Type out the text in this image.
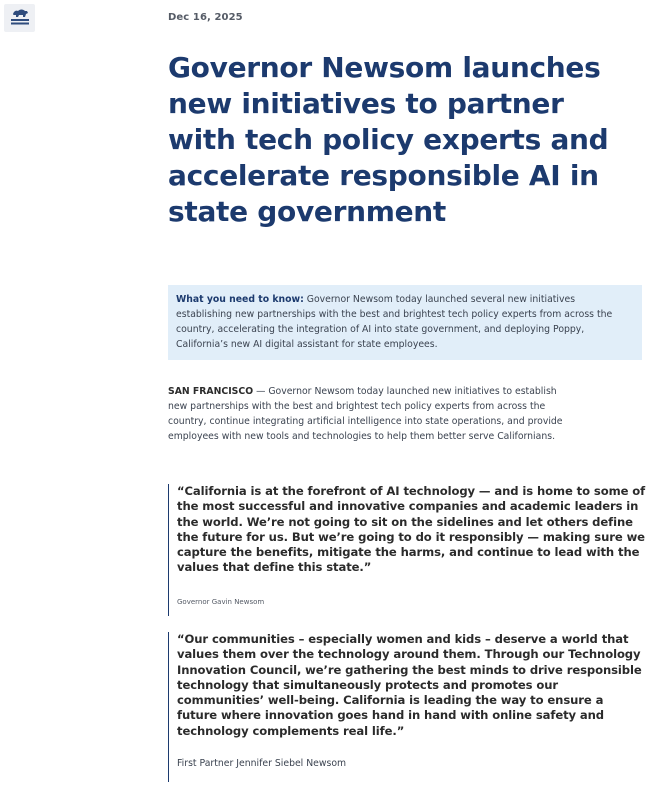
Dec 16, 2025
Governor Newsom launches new initiatives to partner with tech policy experts and accelerate responsible AI in state government
What you need to know: Governor Newsom today launched several new initiatives establishing new partnerships with the best and brightest tech policy experts from across the country, accelerating the integration of AI into state government, and deploying Poppy, California’s new AI digital assistant for state employees.

SAN FRANCISCO — Governor Newsom today launched new initiatives to establish new partnerships with the best and brightest tech policy experts from across the country, continue integrating artificial intelligence into state operations, and provide employees with new tools and technologies to help them better serve Californians.

“California is at the forefront of AI technology — and is home to some of the most successful and innovative companies and academic leaders in the world. We’re not going to sit on the sidelines and let others define the future for us. But we’re going to do it responsibly — making sure we capture the benefits, mitigate the harms, and continue to lead with the values that define this state.”

Governor Gavin Newsom

“Our communities – especially women and kids – deserve a world that values them over the technology around them. Through our Technology Innovation Council, we’re gathering the best minds to drive responsible technology that simultaneously protects and promotes our communities’ well-being. California is leading the way to ensure a future where innovation goes hand in hand with online safety and technology complements real life.”

First Partner Jennifer Siebel Newsom
